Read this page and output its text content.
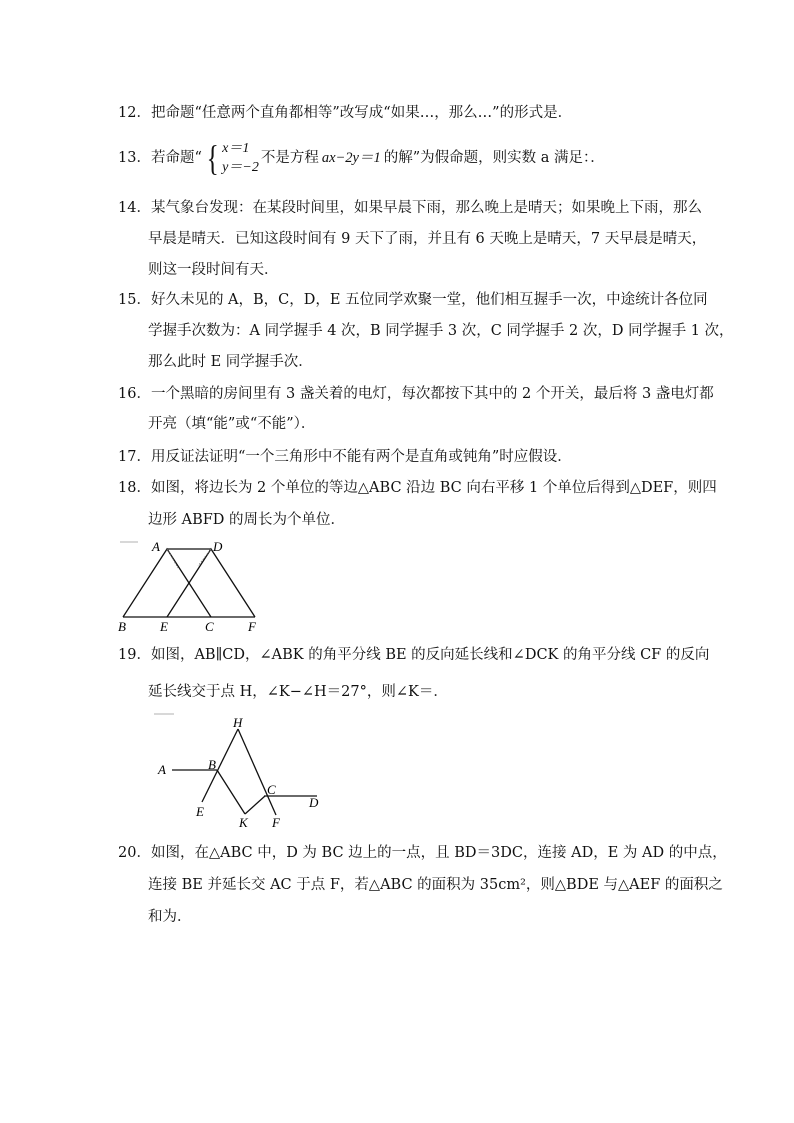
12．把命题“任意两个直角都相等”改写成“如果…，那么…”的形式是．
13．若命题“ { x＝1
y＝−2
不是方程 ax−2y＝1 的解”为假命题，则实数 a 满足：．
14．某气象台发现：在某段时间里，如果早晨下雨，那么晚上是晴天；如果晚上下雨，那么
早晨是晴天．已知这段时间有 9 天下了雨，并且有 6 天晚上是晴天，7 天早晨是晴天，
则这一段时间有天．
15．好久未见的 A，B，C，D，E 五位同学欢聚一堂，他们相互握手一次，中途统计各位同
学握手次数为：A 同学握手 4 次，B 同学握手 3 次，C 同学握手 2 次，D 同学握手 1 次，
那么此时 E 同学握手次．
16．一个黑暗的房间里有 3 盏关着的电灯，每次都按下其中的 2 个开关，最后将 3 盏电灯都
开亮（填“能”或“不能”）．
17．用反证法证明“一个三角形中不能有两个是直角或钝角”时应假设．
18．如图，将边长为 2 个单位的等边△ABC 沿边 BC 向右平移 1 个单位后得到△DEF，则四
边形 ABFD 的周长为个单位．
A	D
B	E	C	F
19．如图，AB∥CD，∠ABK 的角平分线 BE 的反向延长线和∠DCK 的角平分线 CF 的反向
延长线交于点 H，∠K−∠H＝27°，则∠K＝．
H
A	B
C
D
E
K F
20．如图，在△ABC 中，D 为 BC 边上的一点，且 BD＝3DC，连接 AD，E 为 AD 的中点，
连接 BE 并延长交 AC 于点 F，若△ABC 的面积为 35cm²，则△BDE 与△AEF 的面积之
和为．
